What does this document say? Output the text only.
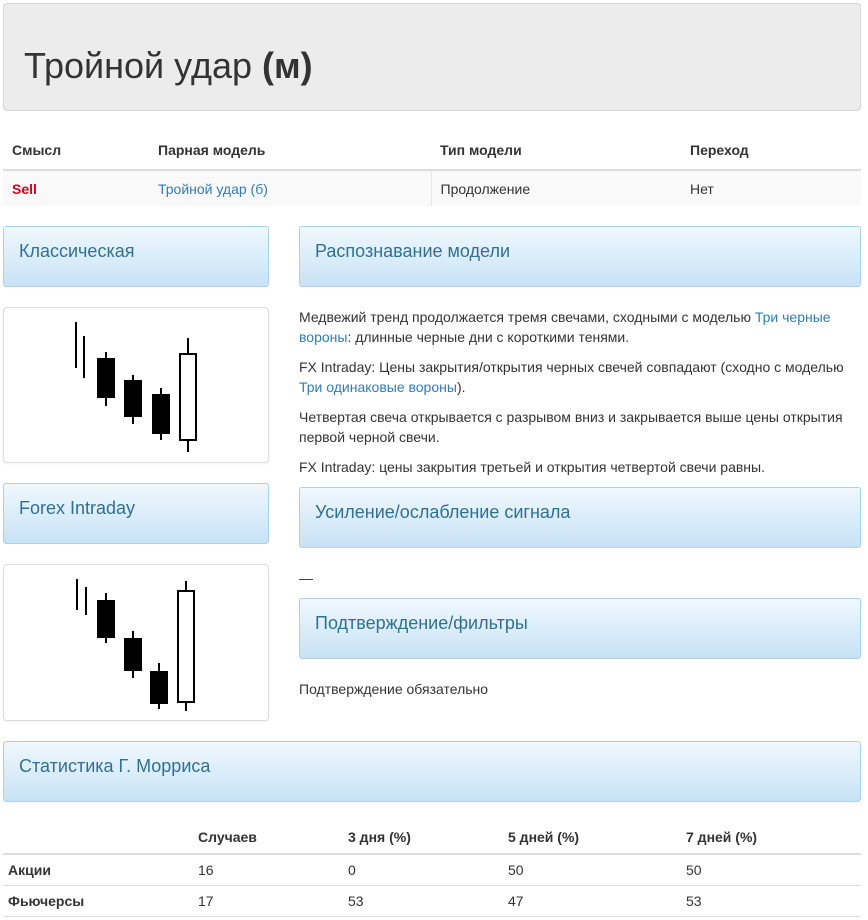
Тройной удар (м)
Смысл	Парная модель	Тип модели	Переход
Sell	Тройной удар (б)	Продолжение	Нет
Классическая
Forex Intraday
Распознавание модели
Медвежий тренд продолжается тремя свечами, сходными с моделью Три черные вороны: длинные черные дни с короткими тенями.
FX Intraday: Цены закрытия/открытия черных свечей совпадают (сходно с моделью Три одинаковые вороны).
Четвертая свеча открывается с разрывом вниз и закрывается выше цены открытия первой черной свечи.
FX Intraday: цены закрытия третьей и открытия четвертой свечи равны.
Усиление/ослабление сигнала
—
Подтверждение/фильтры
Подтверждение обязательно
Статистика Г. Морриса
	Случаев	3 дня (%)	5 дней (%)	7 дней (%)
Акции	16	0	50	50
Фьючерсы	17	53	47	53
